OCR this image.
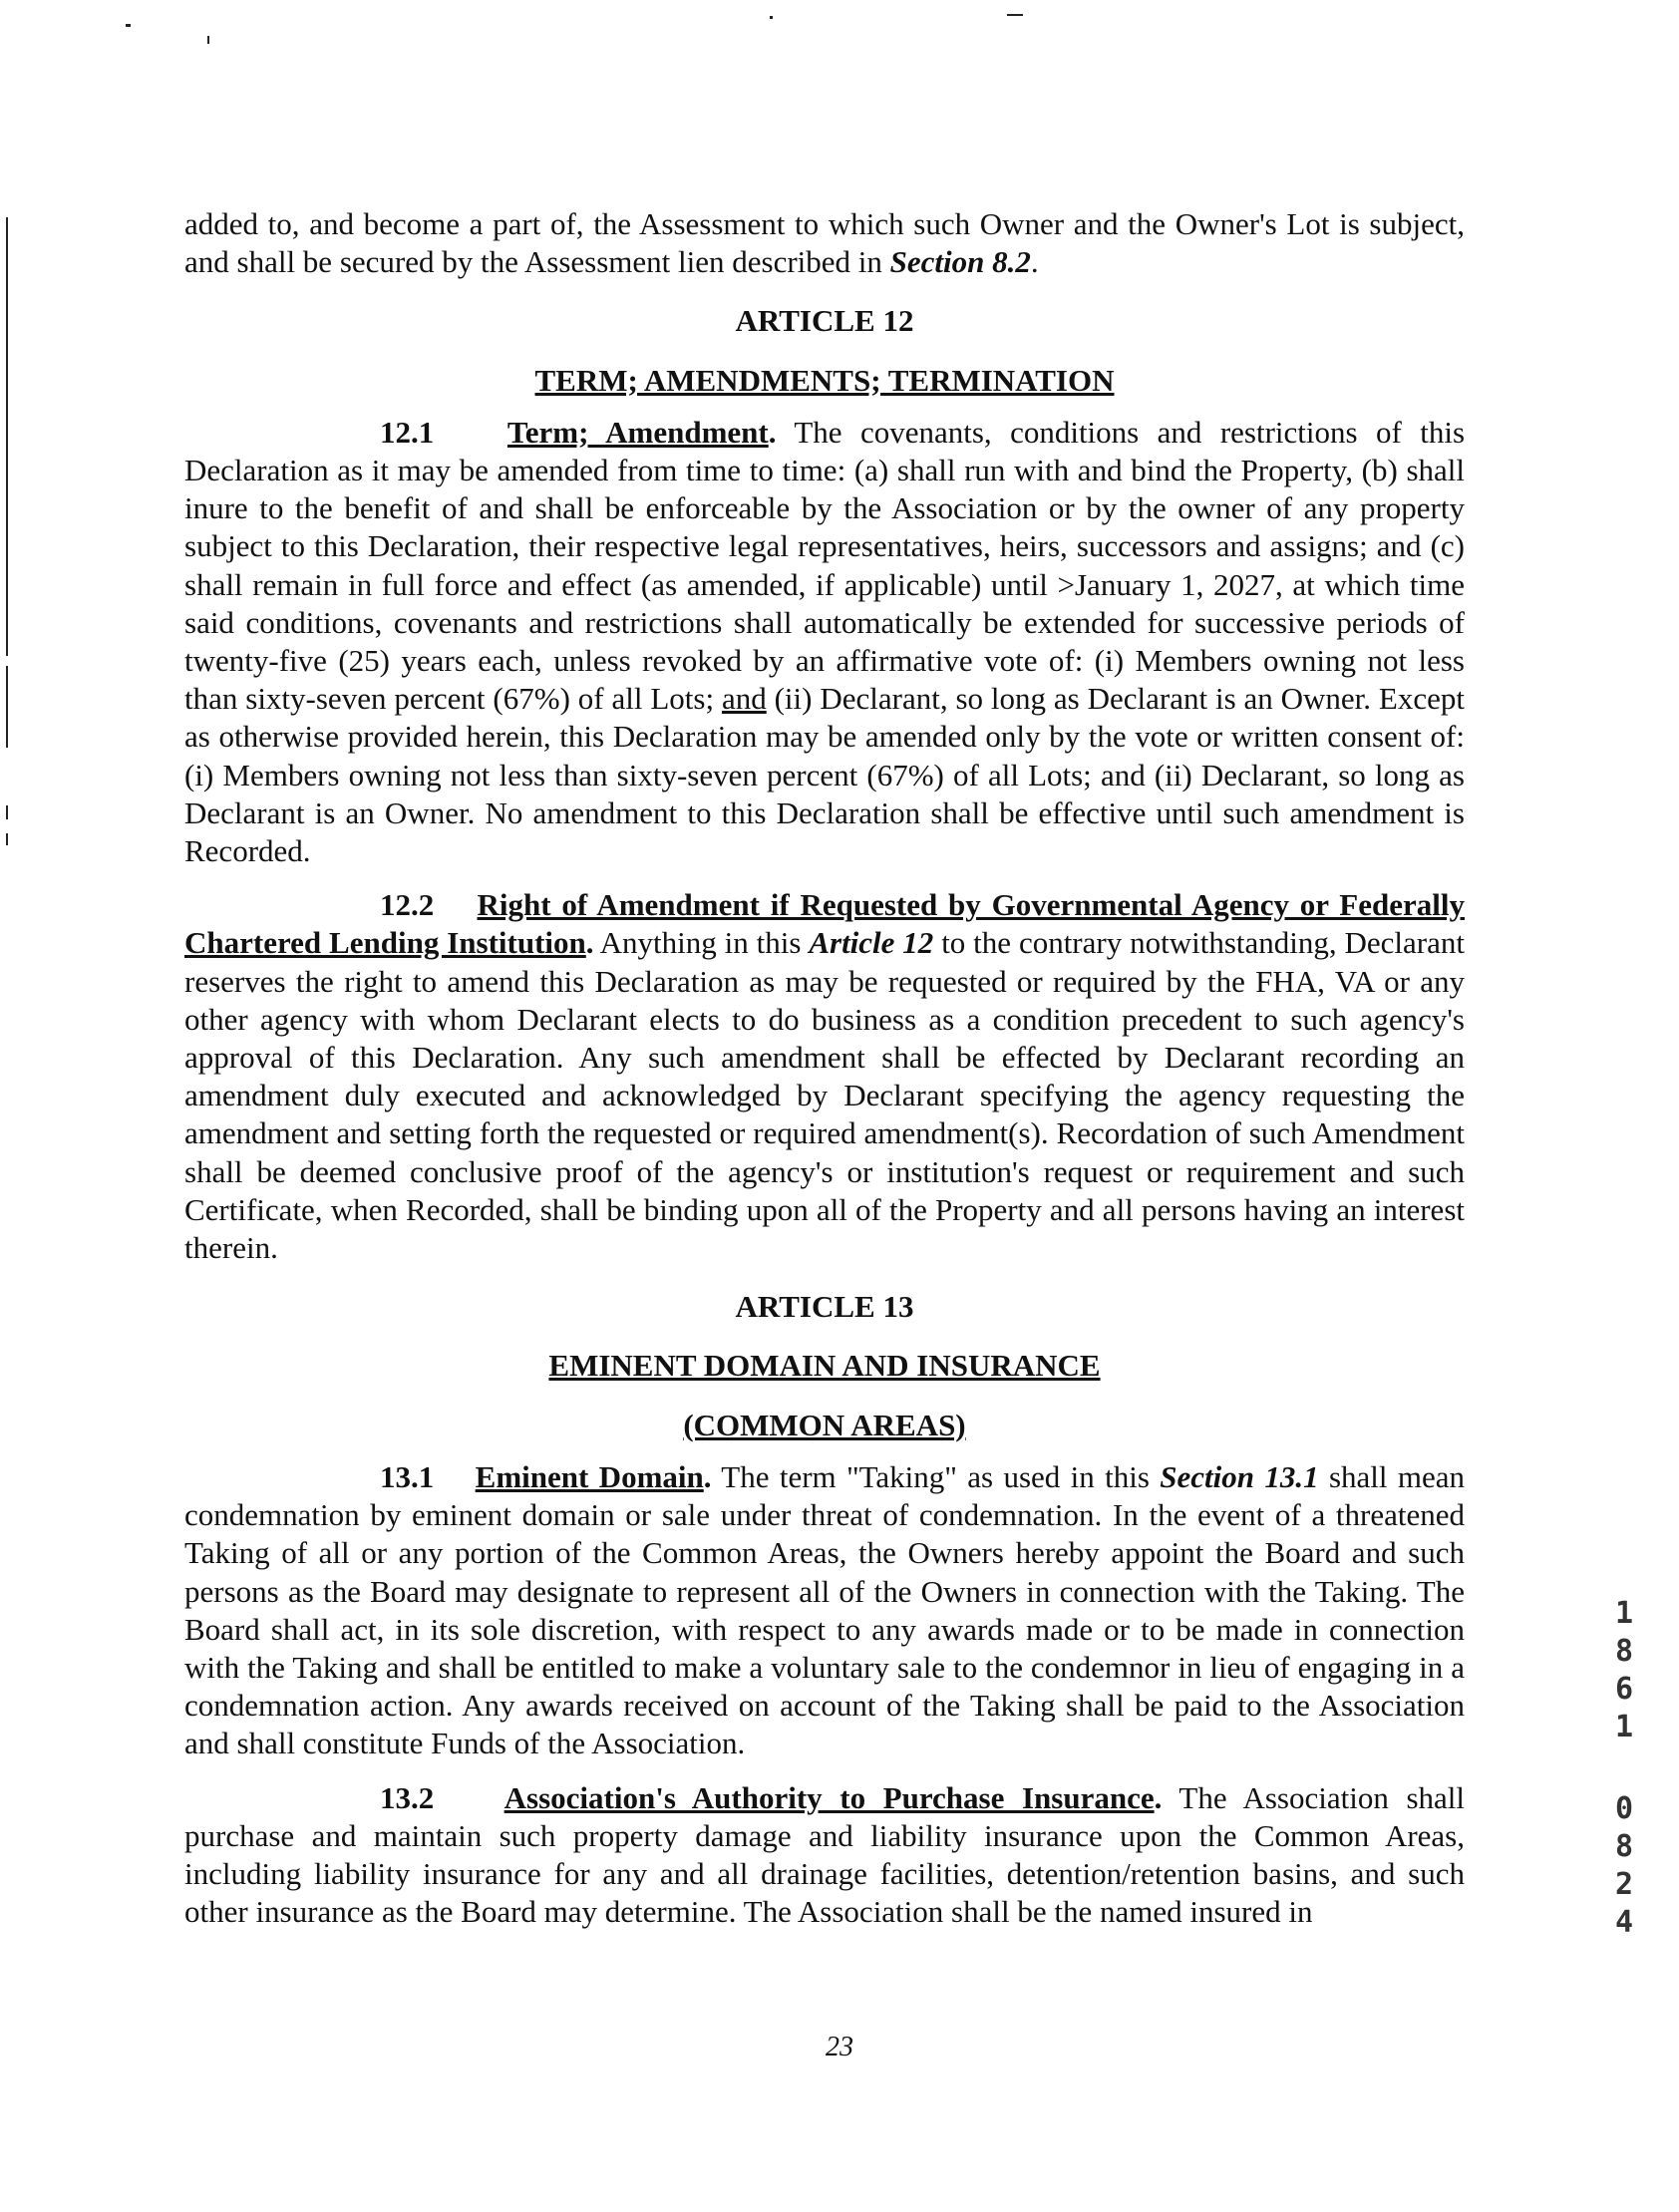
added to, and become a part of, the Assessment to which such Owner and the Owner's Lot is subject, and shall be secured by the Assessment lien described in Section 8.2.

ARTICLE 12

TERM; AMENDMENTS; TERMINATION

12.1 Term; Amendment. The covenants, conditions and restrictions of this Declaration as it may be amended from time to time: (a) shall run with and bind the Property, (b) shall inure to the benefit of and shall be enforceable by the Association or by the owner of any property subject to this Declaration, their respective legal representatives, heirs, successors and assigns; and (c) shall remain in full force and effect (as amended, if applicable) until >January 1, 2027, at which time said conditions, covenants and restrictions shall automatically be extended for successive periods of twenty-five (25) years each, unless revoked by an affirmative vote of: (i) Members owning not less than sixty-seven percent (67%) of all Lots; and (ii) Declarant, so long as Declarant is an Owner. Except as otherwise provided herein, this Declaration may be amended only by the vote or written consent of: (i) Members owning not less than sixty-seven percent (67%) of all Lots; and (ii) Declarant, so long as Declarant is an Owner. No amendment to this Declaration shall be effective until such amendment is Recorded.

12.2 Right of Amendment if Requested by Governmental Agency or Federally Chartered Lending Institution. Anything in this Article 12 to the contrary notwithstanding, Declarant reserves the right to amend this Declaration as may be requested or required by the FHA, VA or any other agency with whom Declarant elects to do business as a condition precedent to such agency's approval of this Declaration. Any such amendment shall be effected by Declarant recording an amendment duly executed and acknowledged by Declarant specifying the agency requesting the amendment and setting forth the requested or required amendment(s). Recordation of such Amendment shall be deemed conclusive proof of the agency's or institution's request or requirement and such Certificate, when Recorded, shall be binding upon all of the Property and all persons having an interest therein.

ARTICLE 13

EMINENT DOMAIN AND INSURANCE

(COMMON AREAS)

13.1 Eminent Domain. The term "Taking" as used in this Section 13.1 shall mean condemnation by eminent domain or sale under threat of condemnation. In the event of a threatened Taking of all or any portion of the Common Areas, the Owners hereby appoint the Board and such persons as the Board may designate to represent all of the Owners in connection with the Taking. The Board shall act, in its sole discretion, with respect to any awards made or to be made in connection with the Taking and shall be entitled to make a voluntary sale to the condemnor in lieu of engaging in a condemnation action. Any awards received on account of the Taking shall be paid to the Association and shall constitute Funds of the Association.

13.2 Association's Authority to Purchase Insurance. The Association shall purchase and maintain such property damage and liability insurance upon the Common Areas, including liability insurance for any and all drainage facilities, detention/retention basins, and such other insurance as the Board may determine. The Association shall be the named insured in

1
8
6
1
0
8
2
4
23
